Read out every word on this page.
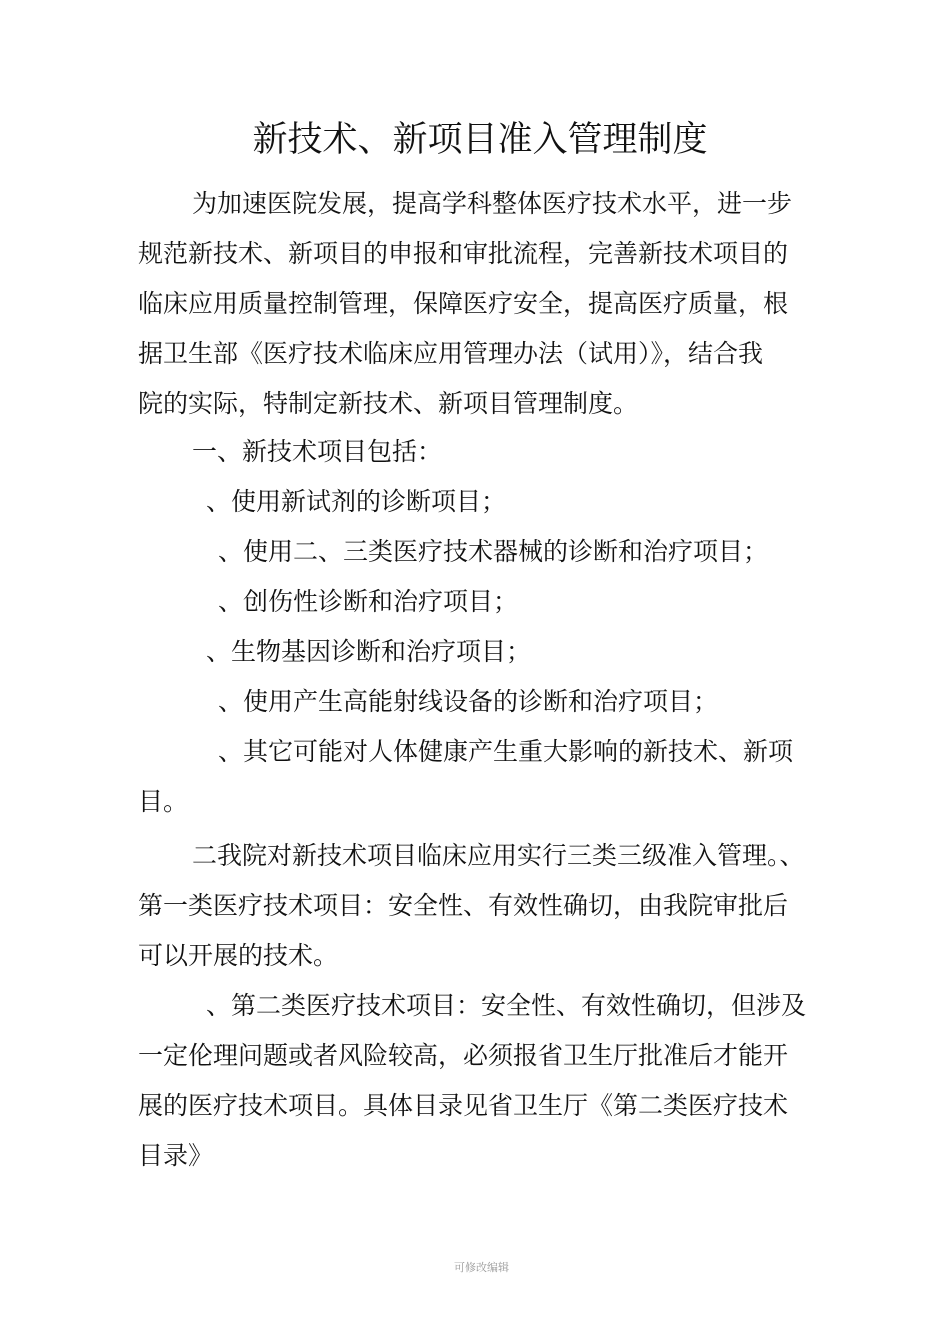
新技术、新项目准入管理制度
为加速医院发展，提高学科整体医疗技术水平，进一步
规范新技术、新项目的申报和审批流程，完善新技术项目的
临床应用质量控制管理，保障医疗安全，提高医疗质量，根
据卫生部《医疗技术临床应用管理办法（试用）》，结合我
院的实际，特制定新技术、新项目管理制度。
一、新技术项目包括：
、使用新试剂的诊断项目；
、使用二、三类医疗技术器械的诊断和治疗项目；
、创伤性诊断和治疗项目；
、生物基因诊断和治疗项目；
、使用产生高能射线设备的诊断和治疗项目；
、其它可能对人体健康产生重大影响的新技术、新项
目。
二我院对新技术项目临床应用实行三类三级准入管理。、
第一类医疗技术项目：安全性、有效性确切，由我院审批后
可以开展的技术。
、第二类医疗技术项目：安全性、有效性确切，但涉及
一定伦理问题或者风险较高，必须报省卫生厅批准后才能开
展的医疗技术项目。具体目录见省卫生厅《第二类医疗技术
目录》
可修改编辑
